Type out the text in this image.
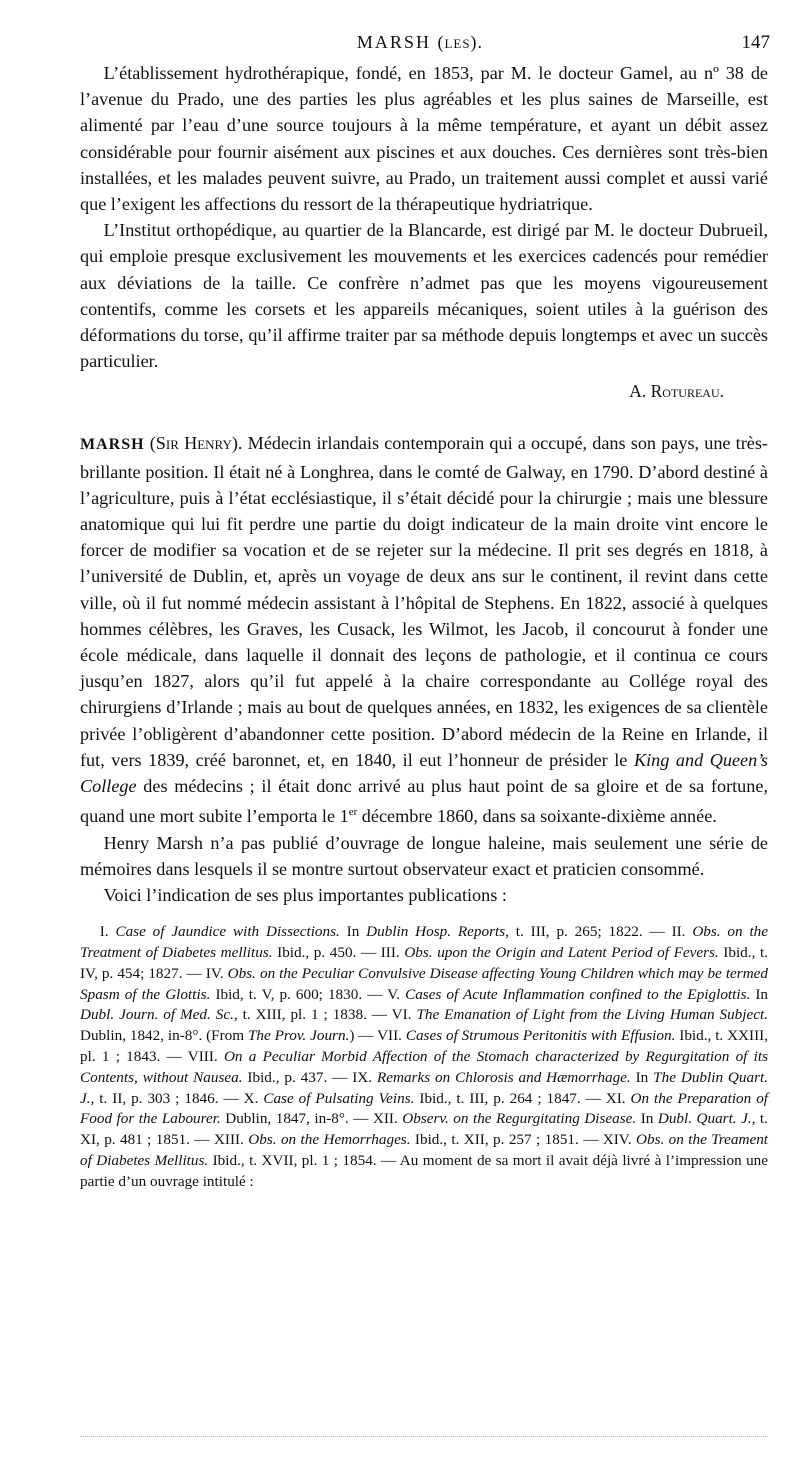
MARSH (les).	147

L’établissement hydrothérapique, fondé, en 1853, par M. le docteur Gamel, au nº 38 de l’avenue du Prado, une des parties les plus agréables et les plus saines de Marseille, est alimenté par l’eau d’une source toujours à la même température, et ayant un débit assez considérable pour fournir aisément aux piscines et aux douches. Ces dernières sont très-bien installées, et les malades peuvent suivre, au Prado, un traitement aussi complet et aussi varié que l’exigent les affections du ressort de la thérapeutique hydriatrique.

L’Institut orthopédique, au quartier de la Blancarde, est dirigé par M. le docteur Dubrueil, qui emploie presque exclusivement les mouvements et les exercices cadencés pour remédier aux déviations de la taille. Ce confrère n’admet pas que les moyens vigoureusement contentifs, comme les corsets et les appareils mécaniques, soient utiles à la guérison des déformations du torse, qu’il affirme traiter par sa méthode depuis longtemps et avec un succès particulier.

A. Rotureau.

MARSH (Sir Henry). Médecin irlandais contemporain qui a occupé, dans son pays, une très-brillante position. Il était né à Longhrea, dans le comté de Galway, en 1790. D’abord destiné à l’agriculture, puis à l’état ecclésiastique, il s’était décidé pour la chirurgie ; mais une blessure anatomique qui lui fit perdre une partie du doigt indicateur de la main droite vint encore le forcer de modifier sa vocation et de se rejeter sur la médecine. Il prit ses degrés en 1818, à l’université de Dublin, et, après un voyage de deux ans sur le continent, il revint dans cette ville, où il fut nommé médecin assistant à l’hôpital de Stephens. En 1822, associé à quelques hommes célèbres, les Graves, les Cusack, les Wilmot, les Jacob, il concourut à fonder une école médicale, dans laquelle il donnait des leçons de pathologie, et il continua ce cours jusqu’en 1827, alors qu’il fut appelé à la chaire correspondante au Collége royal des chirurgiens d’Irlande ; mais au bout de quelques années, en 1832, les exigences de sa clientèle privée l’obligèrent d’abandonner cette position. D’abord médecin de la Reine en Irlande, il fut, vers 1839, créé baronnet, et, en 1840, il eut l’honneur de présider le King and Queen’s College des médecins ; il était donc arrivé au plus haut point de sa gloire et de sa fortune, quand une mort subite l’emporta le 1er décembre 1860, dans sa soixante-dixième année.

Henry Marsh n’a pas publié d’ouvrage de longue haleine, mais seulement une série de mémoires dans lesquels il se montre surtout observateur exact et praticien consommé.

Voici l’indication de ses plus importantes publications :

I. Case of Jaundice with Dissections. In Dublin Hosp. Reports, t. III, p. 265; 1822. — II. Obs. on the Treatment of Diabetes mellitus. Ibid., p. 450. — III. Obs. upon the Origin and Latent Period of Fevers. Ibid., t. IV, p. 454; 1827. — IV. Obs. on the Peculiar Convulsive Disease affecting Young Children which may be termed Spasm of the Glottis. Ibid, t. V, p. 600; 1830. — V. Cases of Acute Inflammation confined to the Epiglottis. In Dubl. Journ. of Med. Sc., t. XIII, pl. 1 ; 1838. — VI. The Emanation of Light from the Living Human Subject. Dublin, 1842, in-8°. (From The Prov. Journ.) — VII. Cases of Strumous Peritonitis with Effusion. Ibid., t. XXIII, pl. 1 ; 1843. — VIII. On a Peculiar Morbid Affection of the Stomach characterized by Regurgitation of its Contents, without Nausea. Ibid., p. 437. — IX. Remarks on Chlorosis and Hæmorrhage. In The Dublin Quart. J., t. II, p. 303 ; 1846. — X. Case of Pulsating Veins. Ibid., t. III, p. 264 ; 1847. — XI. On the Preparation of Food for the Labourer. Dublin, 1847, in-8°. — XII. Observ. on the Regurgitating Disease. In Dubl. Quart. J., t. XI, p. 481 ; 1851. — XIII. Obs. on the Hemorrhages. Ibid., t. XII, p. 257 ; 1851. — XIV. Obs. on the Treament of Diabetes Mellitus. Ibid., t. XVII, pl. 1 ; 1854. — Au moment de sa mort il avait déjà livré à l’impression une partie d’un ouvrage intitulé :
